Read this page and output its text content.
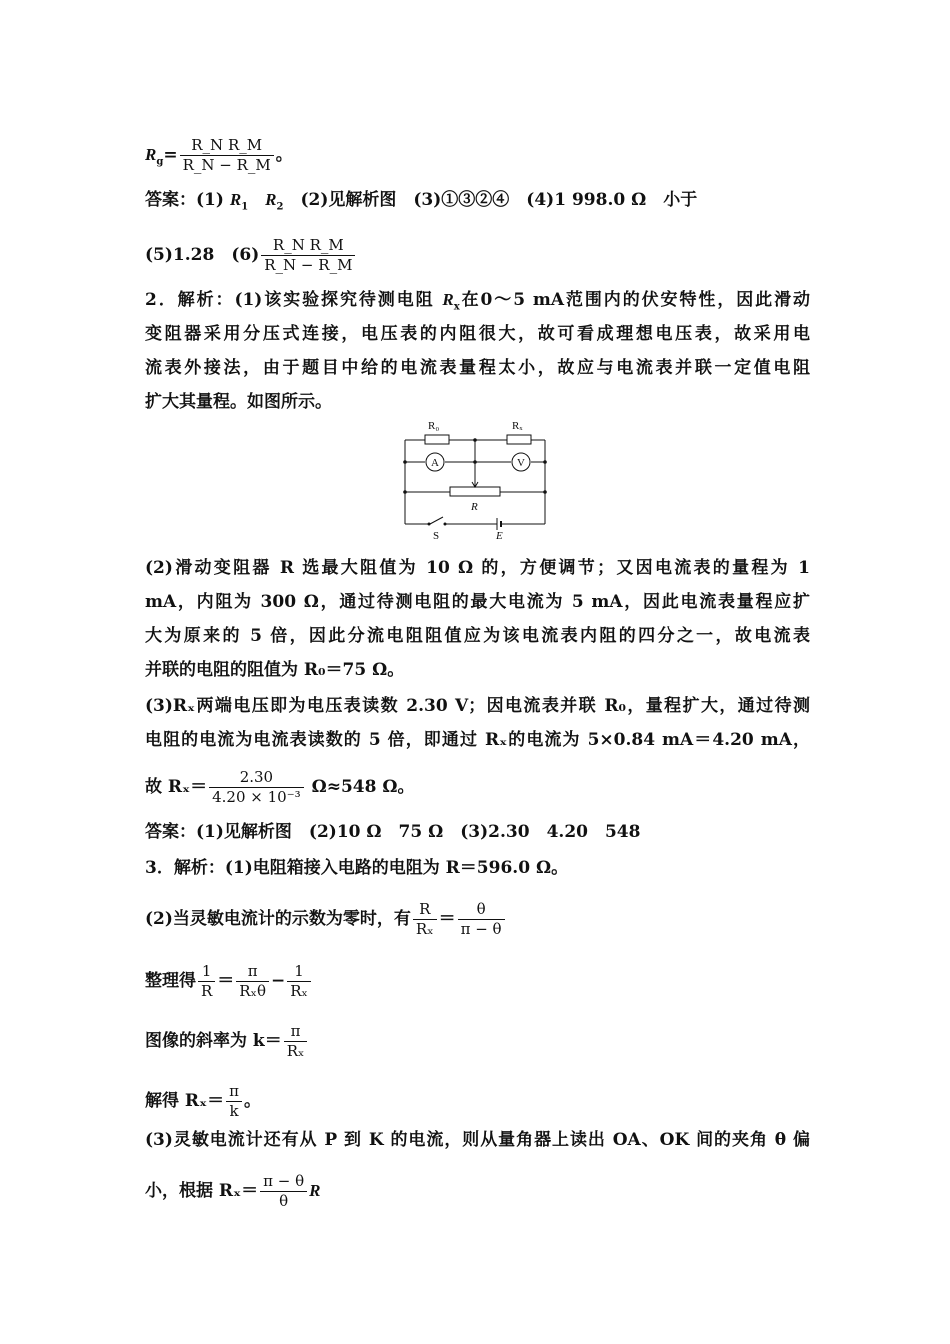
$R_g= \frac{\text{R\_N R\_M}}{R\_N - R\_M}$ 。
答案：(1) $R_1$　 $R_2$　 (2)见解析图　(3)①③②④　(4)1 998.0 Ω　小于
(5)1.28　$(6) \frac{\text{R\_N R\_M}}{R\_N - R\_M}$
2．解析：(1)该实验探究待测电阻 $R_x$在0～5 mA范围内的伏安特性，因此滑动
变阻器采用分压式连接，电压表的内阻很大，故可看成理想电压表，故采用电
流表外接法，由于题目中给的电流表量程太小，故应与电流表并联一定值电阻
扩大其量程。如图所示。
R₀	Rₓ
A	V
R
S	E
(2)滑动变阻器 R 选最大阻值为 10 Ω 的，方便调节；又因电流表的量程为 1
mA，内阻为 300 Ω，通过待测电阻的最大电流为 5 mA，因此电流表量程应扩
大为原来的 5 倍，因此分流电阻阻值应为该电流表内阻的四分之一，故电流表
并联的电阻的阻值为 R₀＝75 Ω。
(3)Rₓ两端电压即为电压表读数 2.30 V；因电流表并联 R₀，量程扩大，通过待测
电阻的电流为电流表读数的 5 倍，即通过 Rₓ的电流为 5×0.84 mA＝4.20 mA，
故 $R_x= \frac{2.30}{\text{4.20 × 10⁻³}} \Omega\approx 548$ Ω。
答案：(1)见解析图　(2)10 Ω　75 Ω　(3)2.30　4.20　548
3．解析：(1)电阻箱接入电路的电阻为 R＝596.0 Ω。
(2)当灵敏电流计的示数为零时，有 $\frac{R}{\text{Rₓ}} = \frac{\theta}{\pi - \theta}$
整理得 $\frac{1}{R} = \frac{\pi}{\text{Rₓθ}} - \frac{1}{\text{Rₓ}}$
图像的斜率为 $k= \frac{\pi}{\text{Rₓ}}$
解得 $R_x= \frac{\pi}{k}$ 。
(3)灵敏电流计还有从 P 到 K 的电流，则从量角器上读出 OA、OK 间的夹角 θ 偏
小，根据 $R_x= \frac{\pi - \theta}{\theta}$ R
